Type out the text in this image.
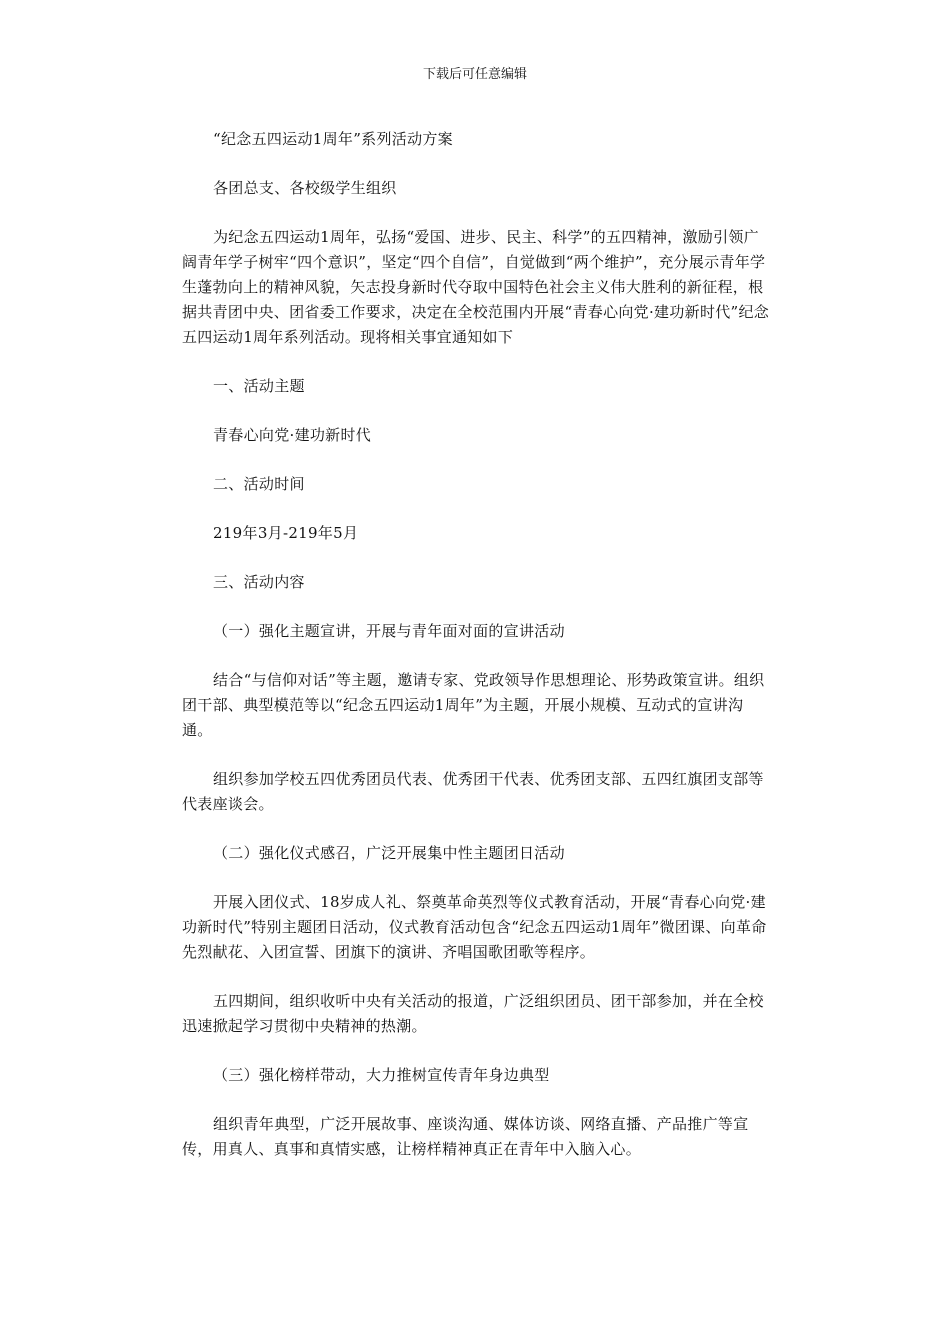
下载后可任意编辑

“纪念五四运动1周年”系列活动方案

各团总支、各校级学生组织

为纪念五四运动1周年，弘扬“爱国、进步、民主、科学”的五四精神，激励引领广阔青年学子树牢“四个意识”，坚定“四个自信”，自觉做到“两个维护”，充分展示青年学生蓬勃向上的精神风貌，矢志投身新时代夺取中国特色社会主义伟大胜利的新征程，根据共青团中央、团省委工作要求，决定在全校范围内开展“青春心向党·建功新时代”纪念五四运动1周年系列活动。现将相关事宜通知如下

一、活动主题

青春心向党·建功新时代

二、活动时间

219年3月-219年5月

三、活动内容

（一）强化主题宣讲，开展与青年面对面的宣讲活动

结合“与信仰对话”等主题，邀请专家、党政领导作思想理论、形势政策宣讲。组织团干部、典型模范等以“纪念五四运动1周年”为主题，开展小规模、互动式的宣讲沟通。

组织参加学校五四优秀团员代表、优秀团干代表、优秀团支部、五四红旗团支部等代表座谈会。

（二）强化仪式感召，广泛开展集中性主题团日活动

开展入团仪式、18岁成人礼、祭奠革命英烈等仪式教育活动，开展“青春心向党·建功新时代”特别主题团日活动，仪式教育活动包含“纪念五四运动1周年”微团课、向革命先烈献花、入团宣誓、团旗下的演讲、齐唱国歌团歌等程序。

五四期间，组织收听中央有关活动的报道，广泛组织团员、团干部参加，并在全校迅速掀起学习贯彻中央精神的热潮。

（三）强化榜样带动，大力推树宣传青年身边典型

组织青年典型，广泛开展故事、座谈沟通、媒体访谈、网络直播、产品推广等宣传，用真人、真事和真情实感，让榜样精神真正在青年中入脑入心。
